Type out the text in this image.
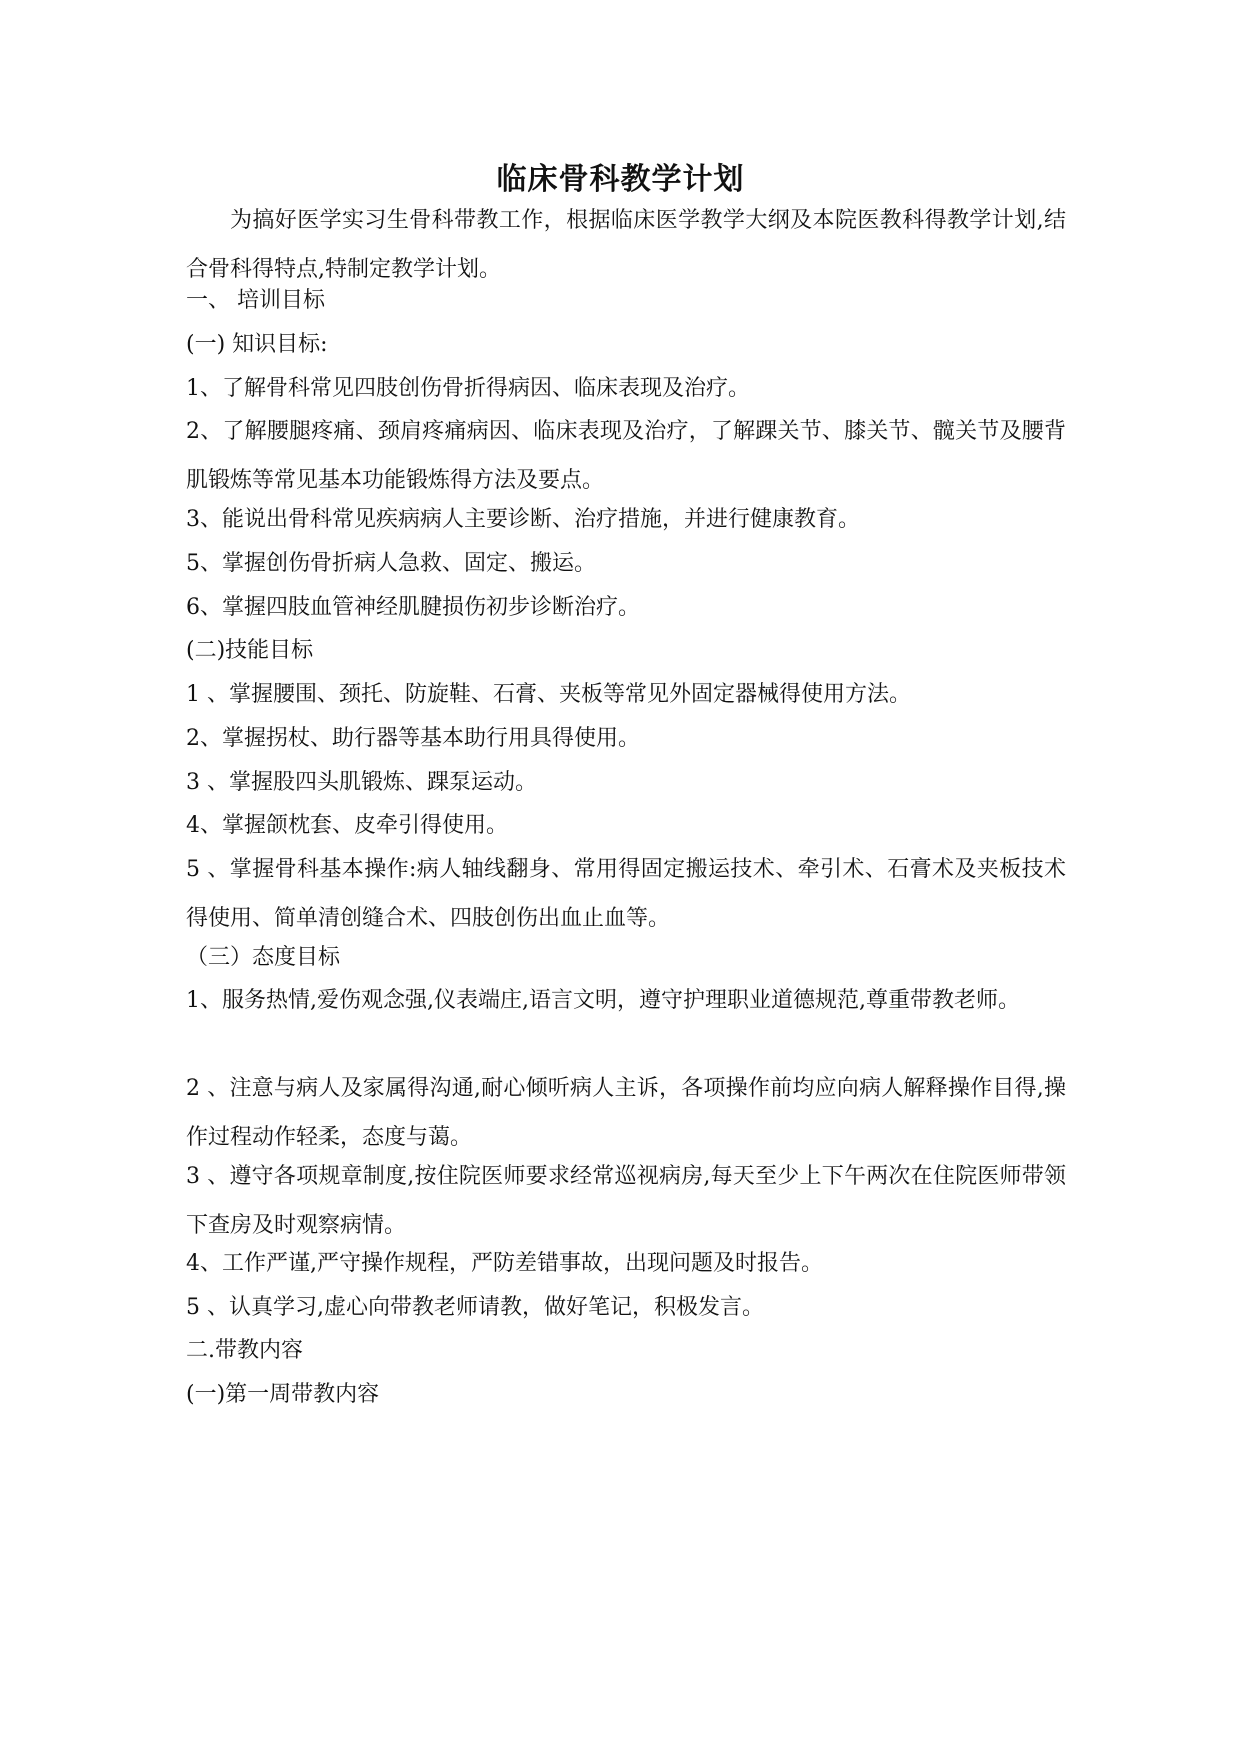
临床骨科教学计划
为搞好医学实习生骨科带教工作，根据临床医学教学大纲及本院医教科得教学计划,结合骨科得特点,特制定教学计划。
一、 培训目标
(一) 知识目标:
1、了解骨科常见四肢创伤骨折得病因、临床表现及治疗。
2、了解腰腿疼痛、颈肩疼痛病因、临床表现及治疗，了解踝关节、膝关节、髋关节及腰背肌锻炼等常见基本功能锻炼得方法及要点。
3、能说出骨科常见疾病病人主要诊断、治疗措施，并进行健康教育。
5、掌握创伤骨折病人急救、固定、搬运。
6、掌握四肢血管神经肌腱损伤初步诊断治疗。
(二)技能目标
1 、掌握腰围、颈托、防旋鞋、石膏、夹板等常见外固定器械得使用方法。
2、掌握拐杖、助行器等基本助行用具得使用。
3 、掌握股四头肌锻炼、踝泵运动。
4、掌握颌枕套、皮牵引得使用。
5 、掌握骨科基本操作:病人轴线翻身、常用得固定搬运技术、牵引术、石膏术及夹板技术得使用、简单清创缝合术、四肢创伤出血止血等。
（三）态度目标
1、服务热情,爱伤观念强,仪表端庄,语言文明，遵守护理职业道德规范,尊重带教老师。
2 、注意与病人及家属得沟通,耐心倾听病人主诉，各项操作前均应向病人解释操作目得,操作过程动作轻柔，态度与蔼。
3 、遵守各项规章制度,按住院医师要求经常巡视病房,每天至少上下午两次在住院医师带领下查房及时观察病情。
4、工作严谨,严守操作规程，严防差错事故，出现问题及时报告。
5 、认真学习,虚心向带教老师请教，做好笔记，积极发言。
二.带教内容
(一)第一周带教内容
